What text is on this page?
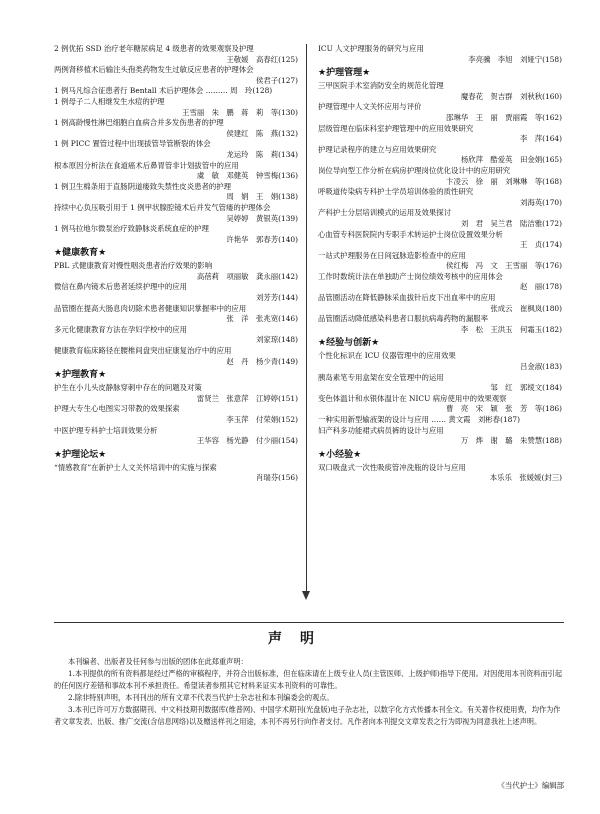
2 例优拓 SSD 治疗老年糖尿病足 4 级患者的效果观察及护理
王敬媛　高春红(125)
两例肾移植术后输注头孢类药物发生过敏反应患者的护理体会
侯君子(127)
1 例马凡综合征患者行 Bentall 术后护理体会 ……… 周　玲(128)
1 例母子二人相继发生水痘的护理
王雪丽　朱　鹏　蒋　莉　等(130)
1 例高龄慢性淋巴细胞白血病合并多发伤患者的护理
侯建红　陈　燕(132)
1 例 PICC 置管过程中出现拔管导管断裂的体会
龙运玲　陈　莉(134)
根本原因分析法在食道癌术后鼻胃管非计划拔管中的应用
虞　敏　邓健英　钟雪梅(136)
1 例卫生棉条用于直肠阴道瘘致失禁性皮炎患者的护理
周　娟　王　娟(138)
持续中心负压吸引用于 1 例甲状腺腔镜术后并发气管瘘的护理体会
吴婷婷　黄银英(139)
1 例马拉地尔微泵治疗致静脉炎系统血症的护理
许艳华　郭春芳(140)
★健康教育★
PBL 式健康教育对慢性咽炎患者治疗效果的影响
高蓓莉　项丽敏　龚永丽(142)
微信在鼻内镜术后患者延续护理中的应用
刘芳芳(144)
品管圈在提高大肠息肉切除术患者健康知识掌握率中的应用
张　洋　张兆宽(146)
多元化健康教育方法在孕妇学校中的应用
刘家琼(148)
健康教育临床路径在腰椎间盘突出症康复治疗中的应用
赵　丹　杨少青(149)
★护理教育★
护生在小儿头皮静脉穿刺中存在的问题及对策
雷贤兰　张意萍　江婷婷(151)
护理大专生心电图实习带教的效果探索
李玉萍　付荣娟(152)
中医护理专科护士培训效果分析
王华容　杨光静　付少丽(154)
★护理论坛★
“情感教育”在新护士人文关怀培训中的实施与探索
肖瑞芬(156)
ICU 人文护理服务的研究与应用
李亮骥　李旭　刘娅宁(158)
★护理管理★
三甲医院手术室消防安全的规范化管理
魔春花　贺吉群　刘秋秋(160)
护理管理中人文关怀应用与评价
邵琳华　王　丽　贾丽霞　等(162)
层级管理在临床科室护理管理中的应用效果研究
李　萍(164)
护理记录程序的建立与应用效果研究
杨欣萍　酷爱英　田金娟(165)
岗位导向型工作分析在病房护理岗位优化设计中的应用研究
卞凌云　徐　丽　刘琳琳　等(168)
呼吸道传染病专科护士学员培训体验的质性研究
刘海英(170)
产科护士分层培训模式的运用及效果探讨
刘　君　吴兰君　陆洁雅(172)
心血管专科医院院内专职手术转运护士岗位设置效果分析
王　贞(174)
一站式护理服务在日间冠脉造影检查中的应用
侯红梅　冯　文　王雪丽　等(176)
工作时数统计法在单独助产士岗位绩效考核中的应用体会
赵　丽(178)
品管圈活动在降低静脉采血拔针后皮下出血率中的应用
张成云　崔枫岚(180)
品管圈活动降低感染科患者口服抗病毒药物的漏服率
李　松　王洪玉　何霜玉(182)
★经验与创新★
个性化标识在 ICU 仪器管理中的应用效果
吕金淑(183)
胰岛素笔专用盒架在安全管理中的运用
邹　红　郭绫文(184)
变色体温计和水银体温计在 NICU 病房使用中的效果观察
曹　亮　宋　颖　张　芳　等(186)
一种实用新型输液架的设计与应用 …… 黄文霞　刘彬春(187)
妇产科多功能裙式病员裤的设计与应用
万　烨　谢　璐　朱赞慧(188)
★小经验★
双口吸盘式一次性吸痰管冲洗瓶的设计与应用
本乐乐　张媛媛(封三)
声明

本刊编者、出版者及任何参与出版的团体在此郑重声明：

1.本刊提供的所有资料都是经过严格的审稿程序，并符合出版标准，但在临床请在上级专业人员(主管医师、上级护师)指导下使用。对因使用本刊资料而引起的任何医疗差错和事故本刊不承担责任。希望读者参照其它材料来证实本刊资料的可靠性。

2.除非特别声明，本刊刊出的所有文章不代表当代护士杂志社和本刊编委会的观点。

3.本刊已许可万方数据期刊、中文科技期刊数据库(维普网)、中国学术期刊(光盘版)电子杂志社，以数字化方式传播本刊全文。有关著作权使用费，均作为作者文章发表、出版、推广交流(含信息网络)以及赠送样刊之用途，本刊不再另行向作者支付。凡作者向本刊提交文章发表之行为即视为同意我社上述声明。

《当代护士》编辑部
